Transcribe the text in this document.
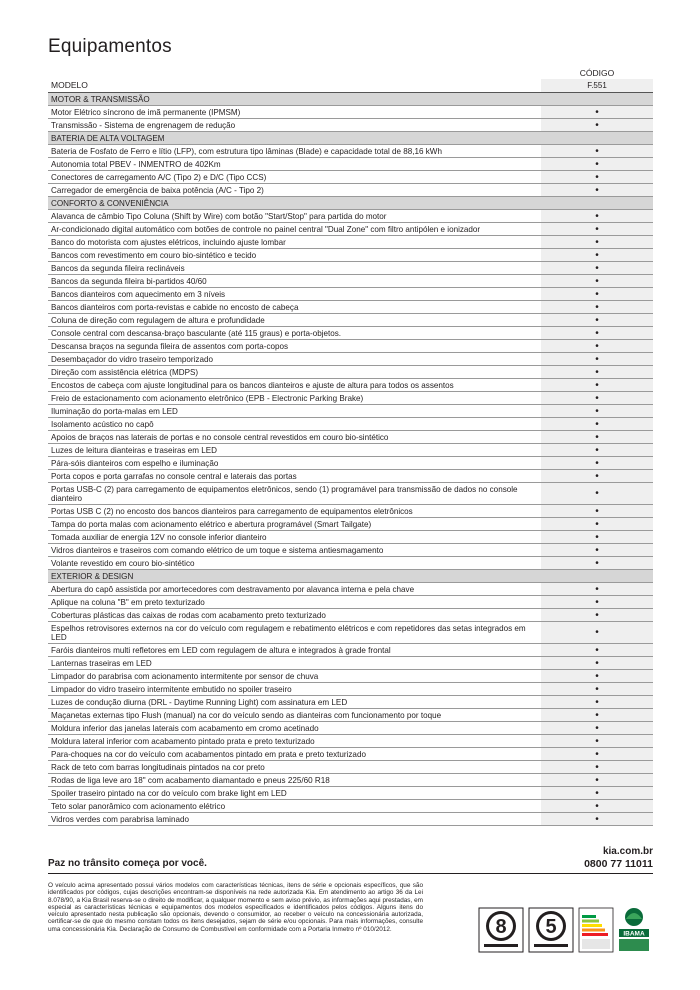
Equipamentos
CÓDIGO
MODELO	F.551
MOTOR & TRANSMISSÃO	
Motor Elétrico síncrono de imã permanente (IPMSM)	•
Transmissão - Sistema de engrenagem de redução	•
BATERIA DE ALTA VOLTAGEM	
Bateria de Fosfato de Ferro e lítio (LFP), com estrutura tipo lâminas (Blade) e capacidade total de 88,16 kWh	•
Autonomia total PBEV - INMENTRO de 402Km	•
Conectores de carregamento A/C (Tipo 2) e D/C (Tipo CCS)	•
Carregador de emergência de baixa potência (A/C - Tipo 2)	•
CONFORTO & CONVENIÊNCIA	
Alavanca de câmbio Tipo Coluna (Shift by Wire) com botão "Start/Stop" para partida do motor	•
Ar-condicionado digital automático com botões de controle no painel central "Dual Zone" com filtro antipólen e ionizador	•
Banco do motorista com ajustes elétricos, incluindo ajuste lombar	•
Bancos com revestimento em couro bio-sintético e tecido	•
Bancos da segunda fileira reclináveis	•
Bancos da segunda fileira bi-partidos 40/60	•
Bancos dianteiros com aquecimento em 3 níveis	•
Bancos dianteiros com porta-revistas e cabide no encosto de cabeça	•
Coluna de direção com regulagem de altura e profundidade	•
Console central com descansa-braço basculante (até 115 graus) e porta-objetos.	•
Descansa braços na segunda fileira de assentos com porta-copos	•
Desembaçador do vidro traseiro temporizado	•
Direção com assistência elétrica (MDPS)	•
Encostos de cabeça com ajuste longitudinal para os bancos dianteiros e ajuste de altura para todos os assentos	•
Freio de estacionamento com acionamento eletrônico (EPB - Electronic Parking Brake)	•
Iluminação do porta-malas em LED	•
Isolamento acústico no capô	•
Apoios de braços nas laterais de portas e no console central revestidos em couro bio-sintético	•
Luzes de leitura dianteiras e traseiras em LED	•
Pára-sóis dianteiros com espelho e iluminação	•
Porta copos e porta garrafas no console central e laterais das portas	•
Portas USB-C (2) para carregamento de equipamentos eletrônicos, sendo (1) programável para transmissão de dados no console dianteiro	•
Portas USB C (2) no encosto dos bancos dianteiros para carregamento de equipamentos eletrônicos	•
Tampa do porta malas com acionamento elétrico e abertura programável (Smart Tailgate)	•
Tomada auxiliar de energia 12V no console inferior dianteiro	•
Vidros dianteiros e traseiros com comando elétrico de um toque e sistema antiesmagamento	•
Volante revestido em couro bio-sintético	•
EXTERIOR & DESIGN	
Abertura do capô assistida por amortecedores com destravamento por alavanca interna e pela chave	•
Aplique na coluna "B" em preto texturizado	•
Coberturas plásticas das caixas de rodas com acabamento preto texturizado	•
Espelhos retrovisores externos na cor do veículo com regulagem e rebatimento elétricos e com repetidores das setas integrados em LED	•
Faróis dianteiros multi refletores em LED com regulagem de altura e integrados à grade frontal	•
Lanternas traseiras em LED	•
Limpador do parabrisa com acionamento intermitente por sensor de chuva	•
Limpador do vidro traseiro intermitente embutido no spoiler traseiro	•
Luzes de condução diurna (DRL - Daytime Running Light) com assinatura em LED	•
Maçanetas externas tipo Flush (manual) na cor do veículo sendo as dianteiras com funcionamento por toque	•
Moldura inferior das janelas laterais com acabamento em cromo acetinado	•
Moldura lateral inferior com acabamento pintado prata e preto texturizado	•
Para-choques na cor do veículo com acabamentos pintado em prata e preto texturizado	•
Rack de teto com barras longitudinais pintados na cor preto	•
Rodas de liga leve aro 18" com acabamento diamantado e pneus 225/60 R18	•
Spoiler traseiro pintado na cor do veículo com brake light em LED	•
Teto solar panorâmico com acionamento elétrico	•
Vidros verdes com parabrisa laminado	•
kia.com.br
0800 77 11011
Paz no trânsito começa por você.
O veículo acima apresentado possui vários modelos com características técnicas, itens de série e opcionais específicos, que são identificados por códigos, cujas descrições encontram-se disponíveis na rede autorizada Kia. Em atendimento ao artigo 36 da Lei 8.078/90, a Kia Brasil reserva-se o direito de modificar, a qualquer momento e sem aviso prévio, as informações aqui prestadas, em especial as características técnicas e equipamentos dos modelos especificados e identificados pelos códigos. Alguns itens do veículo apresentado nesta publicação são opcionais, devendo o consumidor, ao receber o veículo na concessionária autorizada, certificar-se de que do mesmo constam todos os itens desejados, sejam de série e/ou opcionais. Para mais informações, consulte uma concessionária Kia. Declaração de Consumo de Combustível em conformidade com a Portaria Inmetro nº 010/2012.	8 5	IBAMA
